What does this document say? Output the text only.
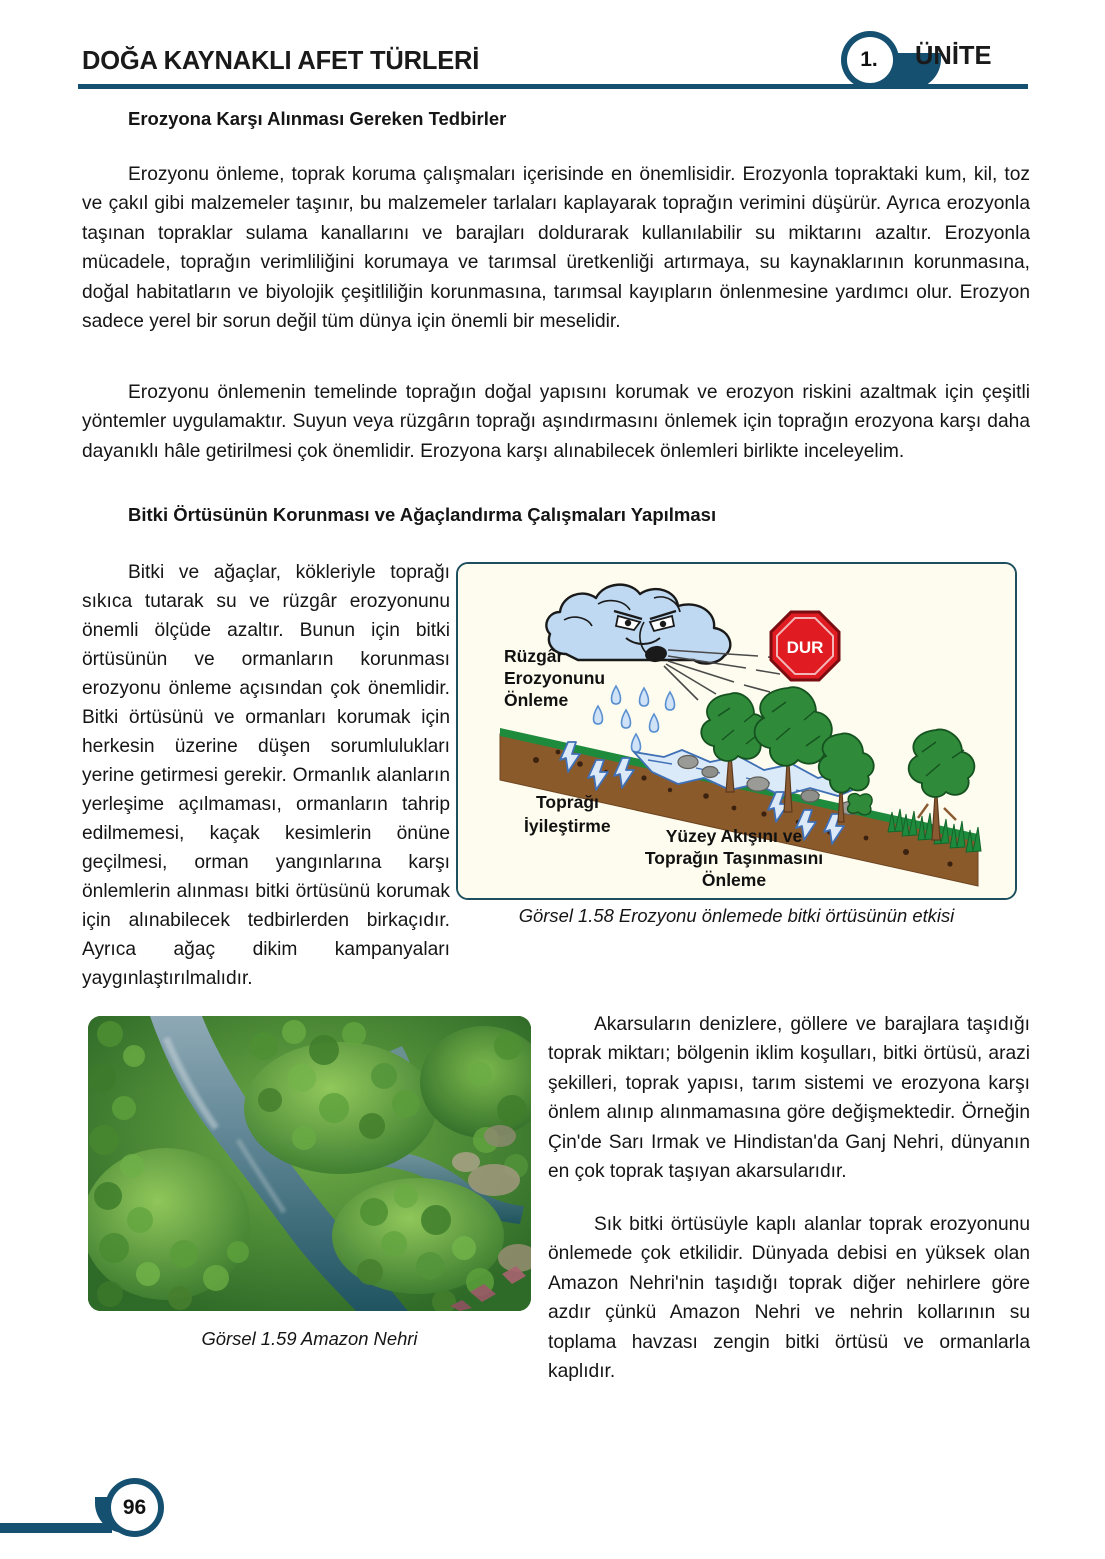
DOĞA KAYNAKLI AFET TÜRLERİ	1.	ÜNİTE
Erozyona Karşı Alınması Gereken Tedbirler
Erozyonu önleme, toprak koruma çalışmaları içerisinde en önemlisidir. Erozyonla topraktaki kum, kil, toz ve çakıl gibi malzemeler taşınır, bu malzemeler tarlaları kaplayarak toprağın verimini düşürür. Ayrıca erozyonla taşınan topraklar sulama kanallarını ve barajları doldurarak kullanılabilir su miktarını azaltır. Erozyonla mücadele, toprağın verimliliğini korumaya ve tarımsal üretkenliği artırmaya, su kaynaklarının korunmasına, doğal habitatların ve biyolojik çeşitliliğin korunmasına, tarımsal kayıpların önlenmesine yardımcı olur. Erozyon sadece yerel bir sorun değil tüm dünya için önemli bir meselidir.
Erozyonu önlemenin temelinde toprağın doğal yapısını korumak ve erozyon riskini azaltmak için çeşitli yöntemler uygulamaktır. Suyun veya rüzgârın toprağı aşındırmasını önlemek için toprağın erozyona karşı daha dayanıklı hâle getirilmesi çok önemlidir. Erozyona karşı alınabilecek önlemleri birlikte inceleyelim.
Bitki Örtüsünün Korunması ve Ağaçlandırma Çalışmaları Yapılması
Bitki ve ağaçlar, kökleriyle toprağı sıkıca tutarak su ve rüzgâr erozyonunu önemli ölçüde azaltır. Bunun için bitki örtüsünün ve ormanların korunması erozyonu önleme açısından çok önemlidir. Bitki örtüsünü ve ormanları korumak için herkesin üzerine düşen sorumlulukları yerine getirmesi gerekir. Ormanlık alanların yerleşime açılmaması, ormanların tahrip edilmemesi, kaçak kesimlerin önüne geçilmesi, orman yangınlarına karşı önlemlerin alınması bitki örtüsünü korumak için alınabilecek tedbirlerden birkaçıdır. Ayrıca ağaç dikim kampanyaları yaygınlaştırılmalıdır.
DUR
Rüzgâr
Erozyonunu
Önleme
Toprağı
İyileştirme	Yüzey Akışını ve
Toprağın Taşınmasını
Önleme
Görsel 1.58 Erozyonu önlemede bitki örtüsünün etkisi
Görsel 1.59 Amazon Nehri
Akarsuların denizlere, göllere ve barajlara taşıdığı toprak miktarı; bölgenin iklim koşulları, bitki örtüsü, arazi şekilleri, toprak yapısı, tarım sistemi ve erozyona karşı önlem alınıp alınmamasına göre değişmektedir. Örneğin Çin'de Sarı Irmak ve Hindistan'da Ganj Nehri, dünyanın en çok toprak taşıyan akarsularıdır.
Sık bitki örtüsüyle kaplı alanlar toprak erozyonunu önlemede çok etkilidir. Dünyada debisi en yüksek olan Amazon Nehri'nin taşıdığı toprak diğer nehirlere göre azdır çünkü Amazon Nehri ve nehrin kollarının su toplama havzası zengin bitki örtüsü ve ormanlarla kaplıdır.
96
